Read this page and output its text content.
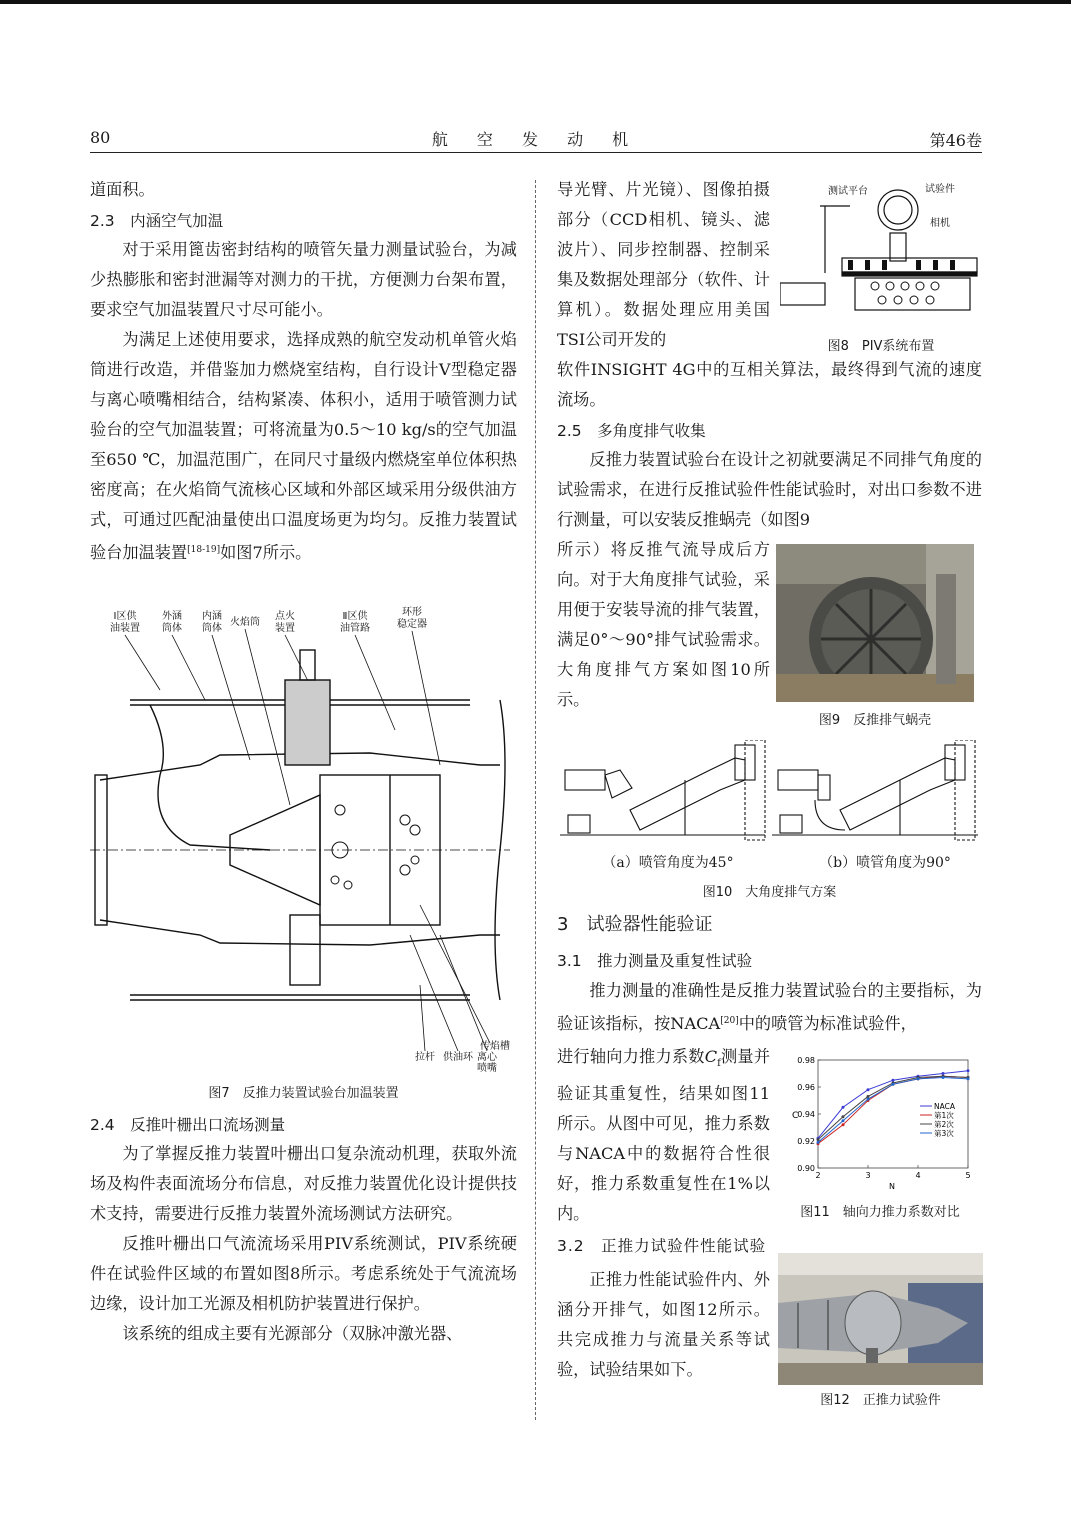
80	航 空 发 动 机	第46卷

道面积。

2.3　内涵空气加温

对于采用篦齿密封结构的喷管矢量力测量试验台，为减少热膨胀和密封泄漏等对测力的干扰，方便测力台架布置，要求空气加温装置尺寸尽可能小。

为满足上述使用要求，选择成熟的航空发动机单管火焰筒进行改造，并借鉴加力燃烧室结构，自行设计V型稳定器与离心喷嘴相结合，结构紧凑、体积小，适用于喷管测力试验台的空气加温装置；可将流量为0.5～10 kg/s的空气加温至650 ℃，加温范围广，在同尺寸量级内燃烧室单位体积热密度高；在火焰筒气流核心区域和外部区域采用分级供油方式，可通过匹配油量使出口温度场更为均匀。反推力装置试验台加温装置[18-19]如图7所示。

Ⅰ区供
油装置
外涵
筒体
内涵
筒体
火焰筒
点火
装置
Ⅱ区供
油管路
环形
稳定器
传焰槽
拉杆 供油环 离心
喷嘴
图7　反推力装置试验台加温装置
2.4　反推叶栅出口流场测量

为了掌握反推力装置叶栅出口复杂流动机理，获取外流场及构件表面流场分布信息，对反推力装置优化设计提供技术支持，需要进行反推力装置外流场测试方法研究。

反推叶栅出口气流流场采用PIV系统测试，PIV系统硬件在试验件区域的布置如图8所示。考虑系统处于气流流场边缘，设计加工光源及相机防护装置进行保护。

该系统的组成主要有光源部分（双脉冲激光器、

导光臂、片光镜）、图像拍摄部分（CCD相机、镜头、滤波片）、同步控制器、控制采集及数据处理部分（软件、计算机）。数据处理应用美国TSI公司开发的

软件INSIGHT 4G中的互相关算法，最终得到气流的速度流场。

2.5　多角度排气收集

反推力装置试验台在设计之初就要满足不同排气角度的试验需求，在进行反推试验件性能试验时，对出口参数不进行测量，可以安装反推蜗壳（如图9

所示）将反推气流导成后方向。对于大角度排气试验，采用便于安装导流的排气装置，满足0°～90°排气试验需求。大角度排气方案如图10所示。

测试平台	试验件
相机
图8　PIV系统布置
图9　反推排气蜗壳
（a）喷管角度为45°	（b）喷管角度为90°
图10　大角度排气方案
3　试验器性能验证
3.1　推力测量及重复性试验

推力测量的准确性是反推力装置试验台的主要指标，为验证该指标，按NACA[20]中的喷管为标准试验件，

进行轴向力推力系数$C_f$测量并验证其重复性，结果如图11所示。从图中可见，推力系数与NACA中的数据符合性很好，推力系数重复性在1%以内。

3.2　正推力试验件性能试验

正推力性能试验件内、外涵分开排气，如图12所示。共完成推力与流量关系等试验，试验结果如下。

0.90
0.92
0.94
0.96
0.98
2	3	4	5
NACA
第1次
第2次
第3次
C
N
图11　轴向力推力系数对比
图12　正推力试验件
